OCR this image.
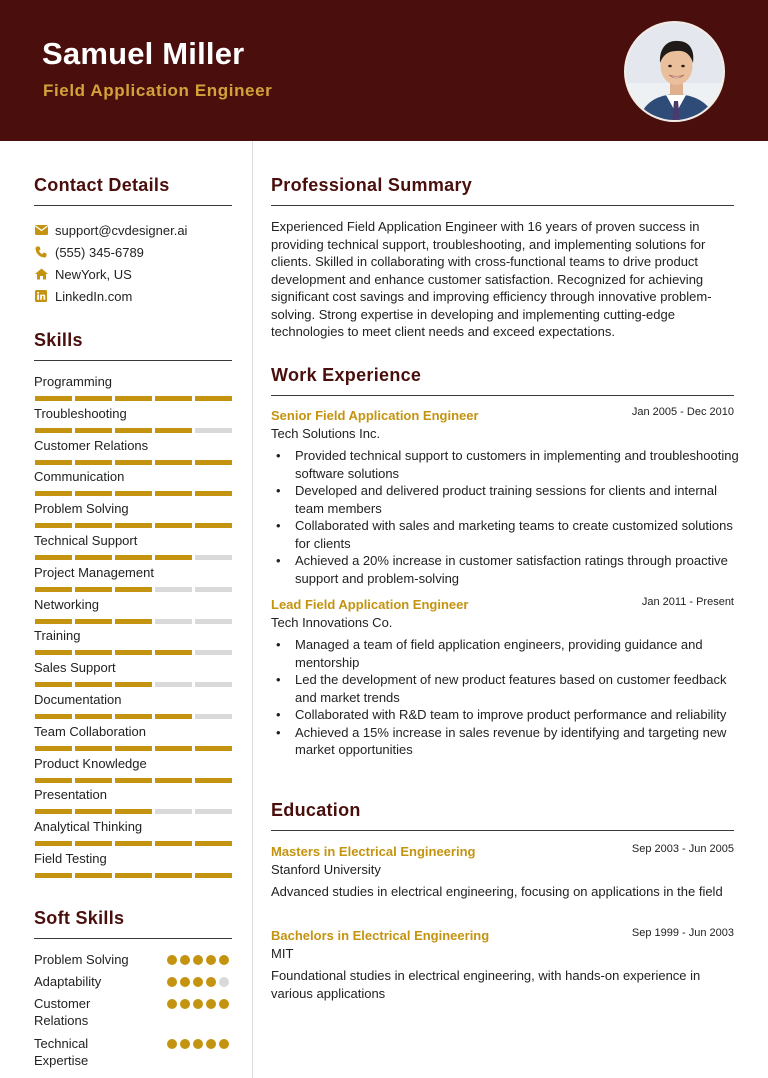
Samuel Miller
Field Application Engineer
Contact Details
support@cvdesigner.ai
(555) 345-6789
NewYork, US
LinkedIn.com
Skills
Programming
Troubleshooting
Customer Relations
Communication
Problem Solving
Technical Support
Project Management
Networking
Training
Sales Support
Documentation
Team Collaboration
Product Knowledge
Presentation
Analytical Thinking
Field Testing
Soft Skills
Problem Solving
Adaptability
Customer Relations
Technical Expertise
Professional Summary
Experienced Field Application Engineer with 16 years of proven success in providing technical support, troubleshooting, and implementing solutions for clients. Skilled in collaborating with cross-functional teams to drive product development and enhance customer satisfaction. Recognized for achieving significant cost savings and improving efficiency through innovative problem-solving. Strong expertise in developing and implementing cutting-edge technologies to meet client needs and exceed expectations.
Work Experience
Senior Field Application Engineer	Jan 2005 - Dec 2010
Tech Solutions Inc.
• Provided technical support to customers in implementing and troubleshooting software solutions
• Developed and delivered product training sessions for clients and internal team members
• Collaborated with sales and marketing teams to create customized solutions for clients
• Achieved a 20% increase in customer satisfaction ratings through proactive support and problem-solving
Lead Field Application Engineer	Jan 2011 - Present
Tech Innovations Co.
• Managed a team of field application engineers, providing guidance and mentorship
• Led the development of new product features based on customer feedback and market trends
• Collaborated with R&D team to improve product performance and reliability
• Achieved a 15% increase in sales revenue by identifying and targeting new market opportunities
Education
Masters in Electrical Engineering	Sep 2003 - Jun 2005
Stanford University
Advanced studies in electrical engineering, focusing on applications in the field
Bachelors in Electrical Engineering	Sep 1999 - Jun 2003
MIT
Foundational studies in electrical engineering, with hands-on experience in various applications
